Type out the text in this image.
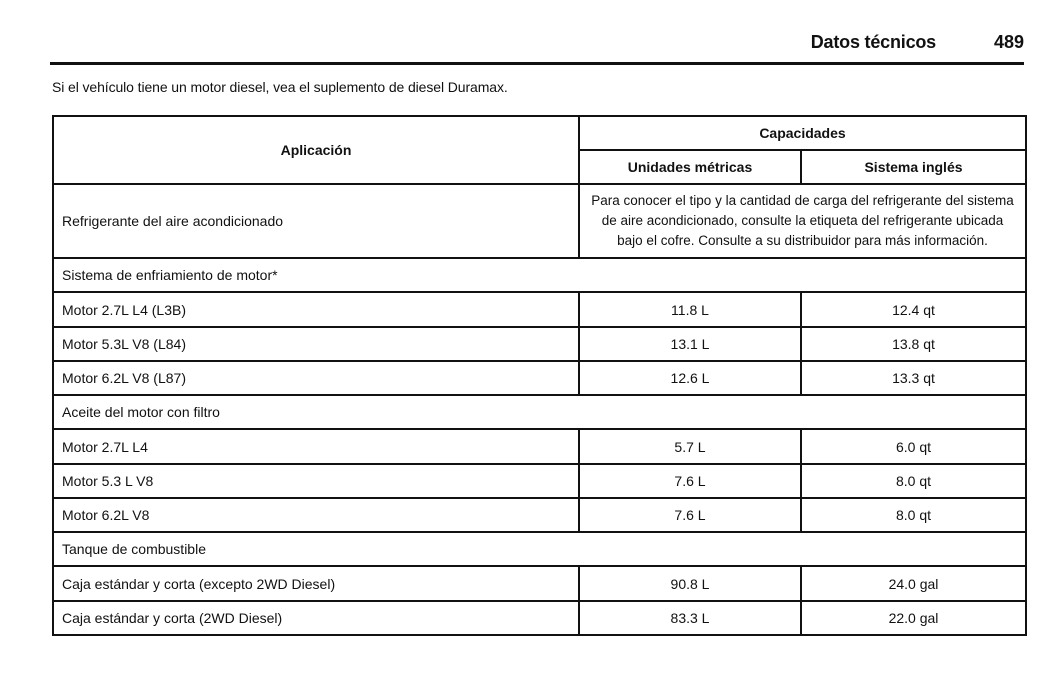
Datos técnicos	489
Si el vehículo tiene un motor diesel, vea el suplemento de diesel Duramax.
Aplicación	Capacidades	
	Unidades métricas	Sistema inglés
Refrigerante del aire acondicionado	Para conocer el tipo y la cantidad de carga del refrigerante del sistema de aire acondicionado, consulte la etiqueta del refrigerante ubicada bajo el cofre. Consulte a su distribuidor para más información.	
Sistema de enfriamiento de motor*		
Motor 2.7L L4 (L3B)	11.8 L	12.4 qt
Motor 5.3L V8 (L84)	13.1 L	13.8 qt
Motor 6.2L V8 (L87)	12.6 L	13.3 qt
Aceite del motor con filtro		
Motor 2.7L L4	5.7 L	6.0 qt
Motor 5.3 L V8	7.6 L	8.0 qt
Motor 6.2L V8	7.6 L	8.0 qt
Tanque de combustible		
Caja estándar y corta (excepto 2WD Diesel)	90.8 L	24.0 gal
Caja estándar y corta (2WD Diesel)	83.3 L	22.0 gal
